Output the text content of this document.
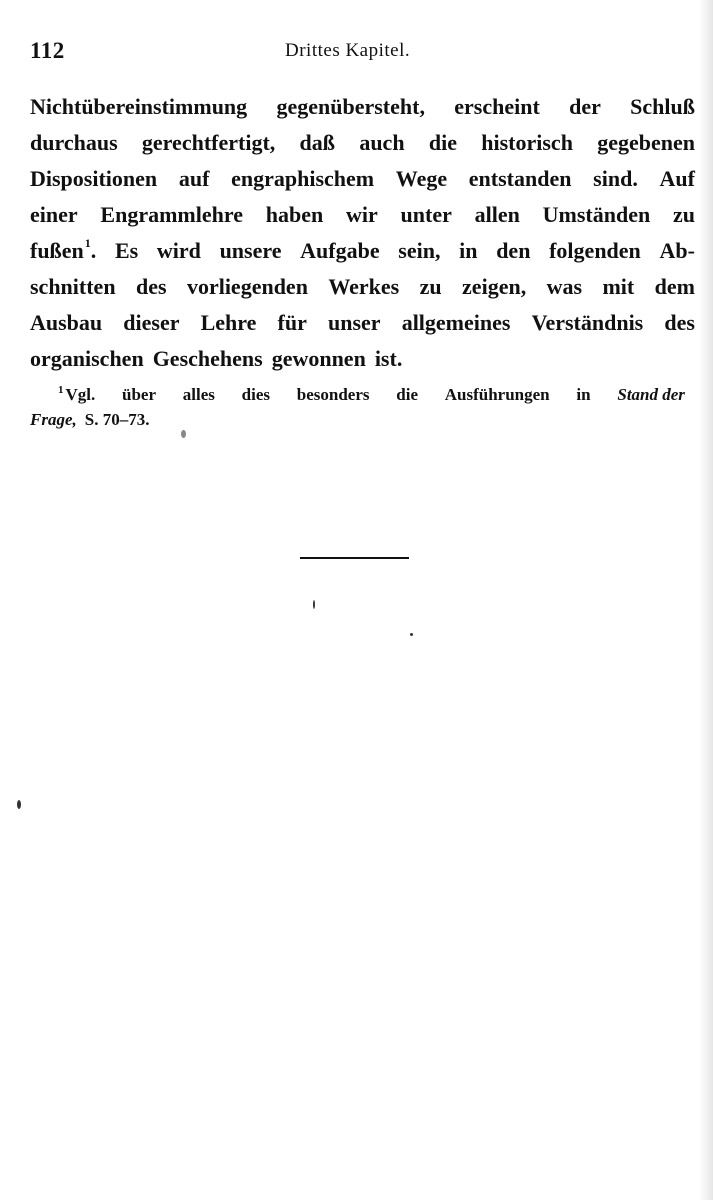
112	Drittes Kapitel.
Nichtübereinstimmung gegenübersteht, erscheint der Schluß
durchaus gerechtfertigt, daß auch die historisch gegebenen
Dispositionen auf engraphischem Wege entstanden sind. Auf
einer Engrammlehre haben wir unter allen Umständen zu
fußen$^1$. Es wird unsere Aufgabe sein, in den folgenden Ab-
schnitten des vorliegenden Werkes zu zeigen, was mit dem
Ausbau dieser Lehre für unser allgemeines Verständnis des
organischen Geschehens gewonnen ist.
$^1$ Vgl. über alles dies besonders die Ausführungen in Stand der
Frage, S. 70–73.
